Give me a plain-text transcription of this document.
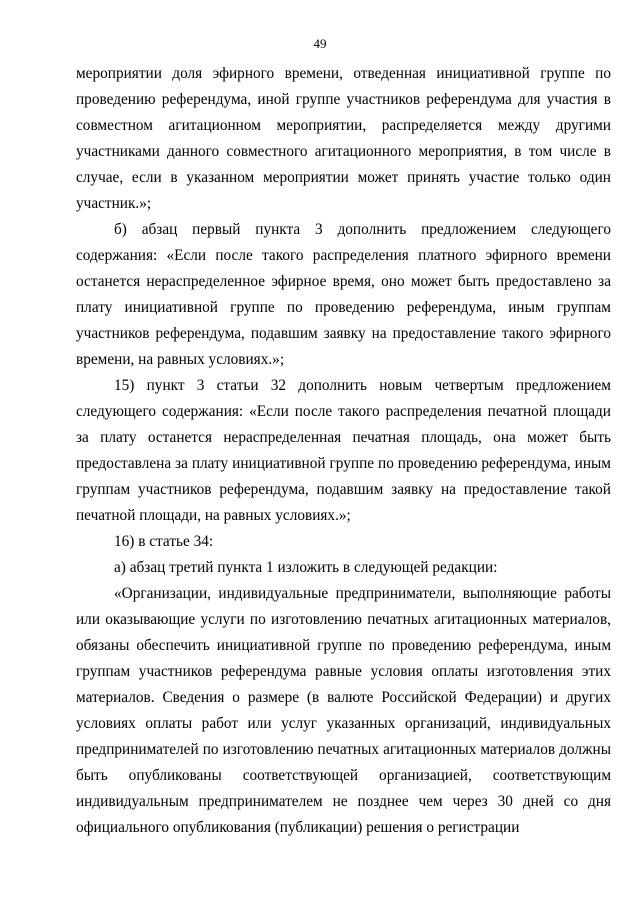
49

мероприятии доля эфирного времени, отведенная инициативной группе по проведению референдума, иной группе участников референдума для участия в совместном агитационном мероприятии, распределяется между другими участниками данного совместного агитационного мероприятия, в том числе в случае, если в указанном мероприятии может принять участие только один участник.»;

б) абзац первый пункта 3 дополнить предложением следующего содержания: «Если после такого распределения платного эфирного времени останется нераспределенное эфирное время, оно может быть предоставлено за плату инициативной группе по проведению референдума, иным группам участников референдума, подавшим заявку на предоставление такого эфирного времени, на равных условиях.»;

15) пункт 3 статьи 32 дополнить новым четвертым предложением следующего содержания: «Если после такого распределения печатной площади за плату останется нераспределенная печатная площадь, она может быть предоставлена за плату инициативной группе по проведению референдума, иным группам участников референдума, подавшим заявку на предоставление такой печатной площади, на равных условиях.»;

16) в статье 34:

а) абзац третий пункта 1 изложить в следующей редакции:

«Организации, индивидуальные предприниматели, выполняющие работы или оказывающие услуги по изготовлению печатных агитационных материалов, обязаны обеспечить инициативной группе по проведению референдума, иным группам участников референдума равные условия оплаты изготовления этих материалов. Сведения о размере (в валюте Российской Федерации) и других условиях оплаты работ или услуг указанных организаций, индивидуальных предпринимателей по изготовлению печатных агитационных материалов должны быть опубликованы соответствующей организацией, соответствующим индивидуальным предпринимателем не позднее чем через 30 дней со дня официального опубликования (публикации) решения о регистрации
